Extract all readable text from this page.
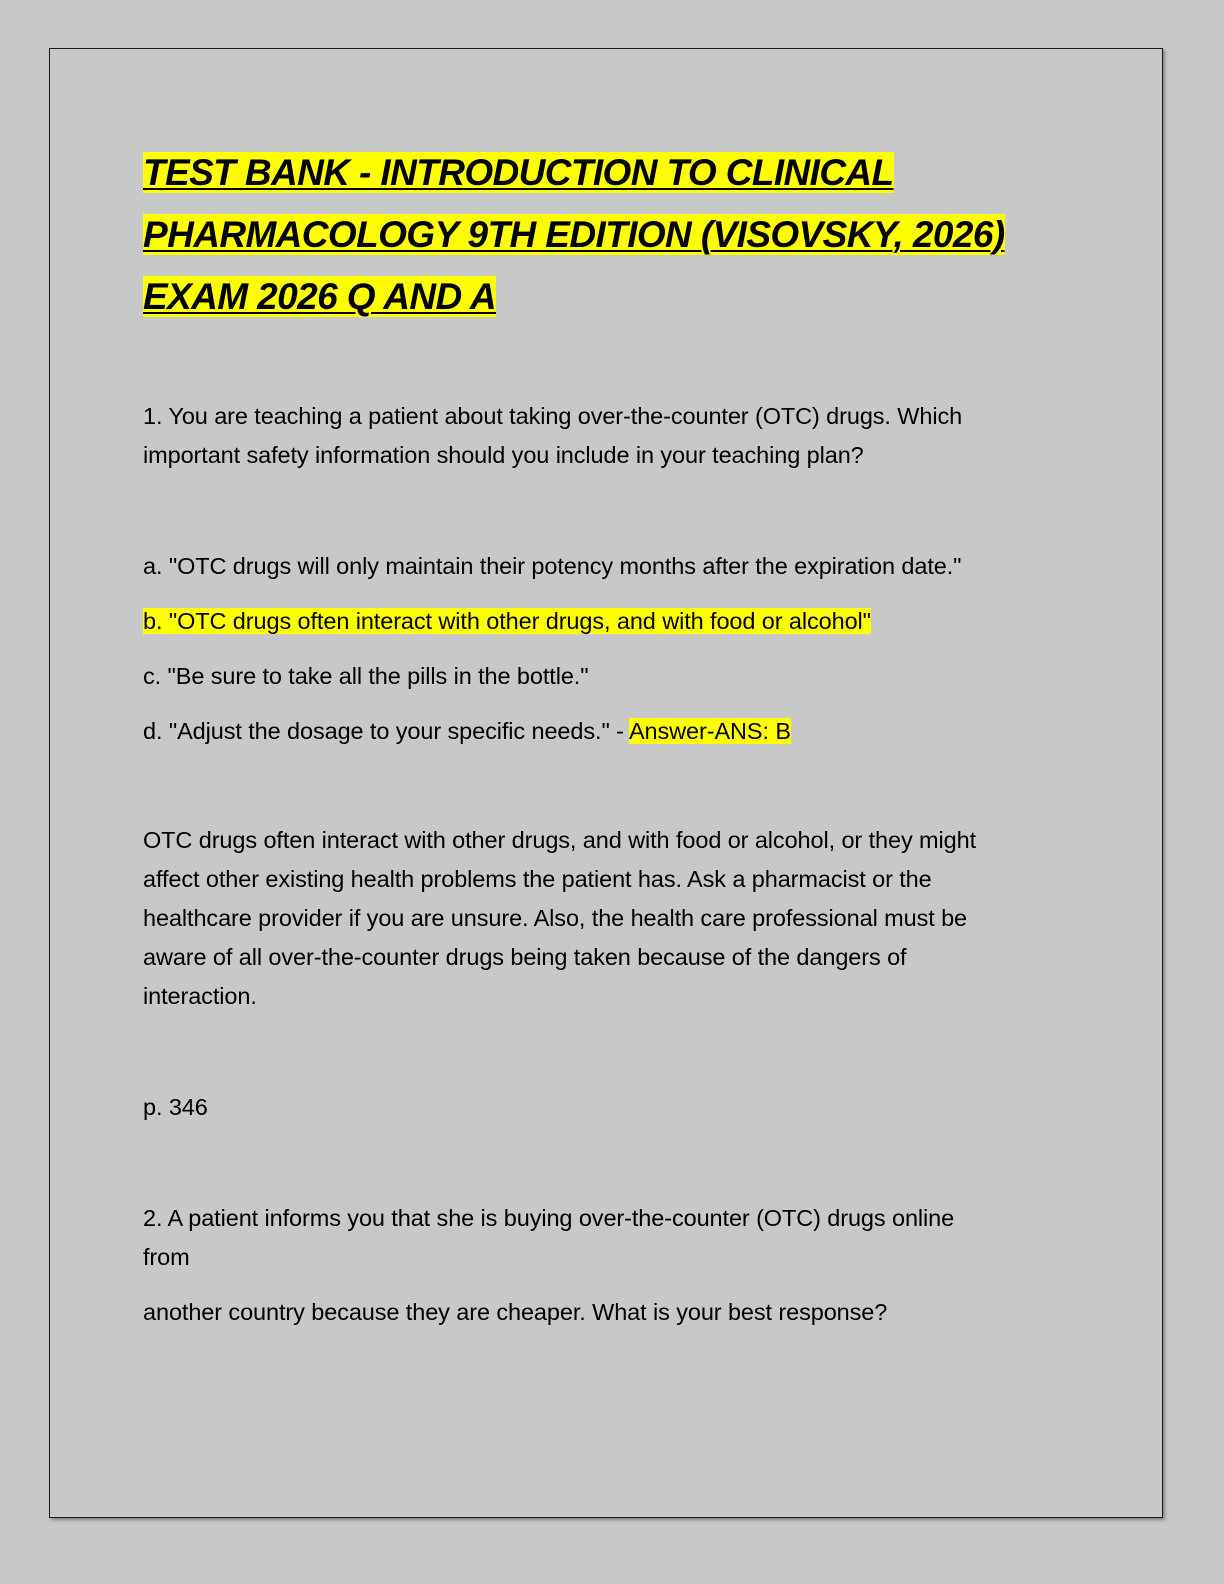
TEST BANK - INTRODUCTION TO CLINICAL
PHARMACOLOGY 9TH EDITION (VISOVSKY, 2026)
EXAM 2026 Q AND A

1. You are teaching a patient about taking over-the-counter (OTC) drugs. Which

important safety information should you include in your teaching plan?

a. "OTC drugs will only maintain their potency months after the expiration date."

b. "OTC drugs often interact with other drugs, and with food or alcohol"

c. "Be sure to take all the pills in the bottle."

d. "Adjust the dosage to your specific needs." - Answer-ANS: B

OTC drugs often interact with other drugs, and with food or alcohol, or they might

affect other existing health problems the patient has. Ask a pharmacist or the

healthcare provider if you are unsure. Also, the health care professional must be

aware of all over-the-counter drugs being taken because of the dangers of

interaction.

p. 346

2. A patient informs you that she is buying over-the-counter (OTC) drugs online

from

another country because they are cheaper. What is your best response?
